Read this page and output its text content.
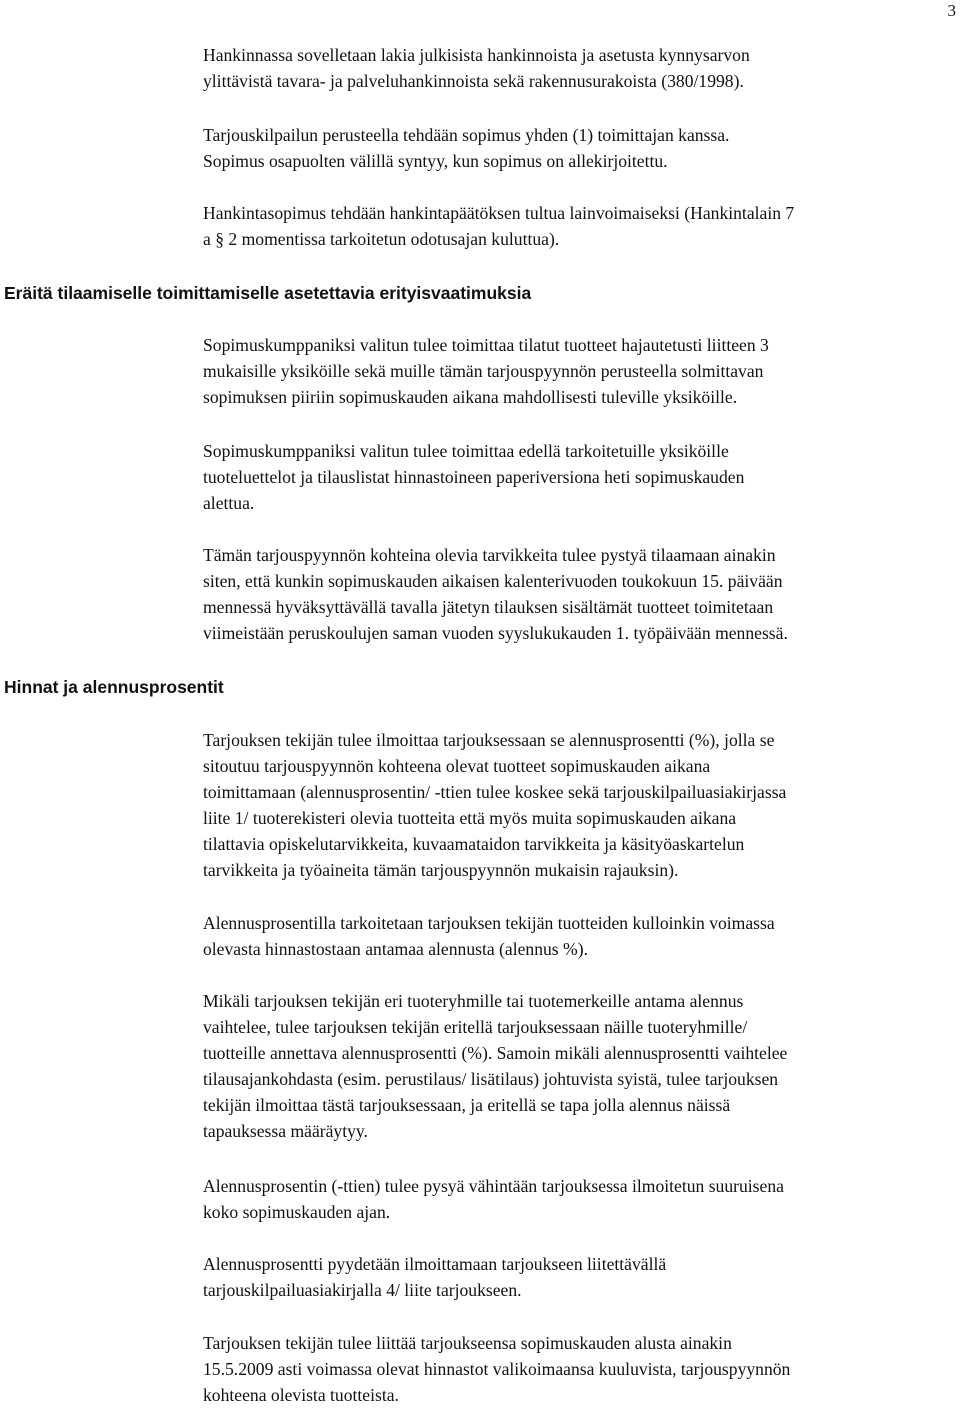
3

Hankinnassa sovelletaan lakia julkisista hankinnoista ja asetusta kynnysarvon
ylittävistä tavara- ja palveluhankinnoista sekä rakennusurakoista (380/1998).

Tarjouskilpailun perusteella tehdään sopimus yhden (1) toimittajan kanssa.
Sopimus osapuolten välillä syntyy, kun sopimus on allekirjoitettu.

Hankintasopimus tehdään hankintapäätöksen tultua lainvoimaiseksi (Hankintalain 7
a § 2 momentissa tarkoitetun odotusajan kuluttua).

Eräitä tilaamiselle toimittamiselle asetettavia erityisvaatimuksia

Sopimuskumppaniksi valitun tulee toimittaa tilatut tuotteet hajautetusti liitteen 3
mukaisille yksiköille sekä muille tämän tarjouspyynnön perusteella solmittavan
sopimuksen piiriin sopimuskauden aikana mahdollisesti tuleville yksiköille.

Sopimuskumppaniksi valitun tulee toimittaa edellä tarkoitetuille yksiköille
tuoteluettelot ja tilauslistat hinnastoineen paperiversiona heti sopimuskauden
alettua.

Tämän tarjouspyynnön kohteina olevia tarvikkeita tulee pystyä tilaamaan ainakin
siten, että kunkin sopimuskauden aikaisen kalenterivuoden toukokuun 15. päivään
mennessä hyväksyttävällä tavalla jätetyn tilauksen sisältämät tuotteet toimitetaan
viimeistään peruskoulujen saman vuoden syyslukukauden 1. työpäivään mennessä.

Hinnat ja alennusprosentit

Tarjouksen tekijän tulee ilmoittaa tarjouksessaan se alennusprosentti (%), jolla se
sitoutuu tarjouspyynnön kohteena olevat tuotteet sopimuskauden aikana
toimittamaan (alennusprosentin/ -ttien tulee koskee sekä tarjouskilpailuasiakirjassa
liite 1/ tuoterekisteri olevia tuotteita että myös muita sopimuskauden aikana
tilattavia opiskelutarvikkeita, kuvaamataidon tarvikkeita ja käsityöaskartelun
tarvikkeita ja työaineita tämän tarjouspyynnön mukaisin rajauksin).

Alennusprosentilla tarkoitetaan tarjouksen tekijän tuotteiden kulloinkin voimassa
olevasta hinnastostaan antamaa alennusta (alennus %).

Mikäli tarjouksen tekijän eri tuoteryhmille tai tuotemerkeille antama alennus
vaihtelee, tulee tarjouksen tekijän eritellä tarjouksessaan näille tuoteryhmille/
tuotteille annettava alennusprosentti (%). Samoin mikäli alennusprosentti vaihtelee
tilausajankohdasta (esim. perustilaus/ lisätilaus) johtuvista syistä, tulee tarjouksen
tekijän ilmoittaa tästä tarjouksessaan, ja eritellä se tapa jolla alennus näissä
tapauksessa määräytyy.

Alennusprosentin (-ttien) tulee pysyä vähintään tarjouksessa ilmoitetun suuruisena
koko sopimuskauden ajan.

Alennusprosentti pyydetään ilmoittamaan tarjoukseen liitettävällä
tarjouskilpailuasiakirjalla 4/ liite tarjoukseen.

Tarjouksen tekijän tulee liittää tarjoukseensa sopimuskauden alusta ainakin
15.5.2009 asti voimassa olevat hinnastot valikoimaansa kuuluvista, tarjouspyynnön
kohteena olevista tuotteista.
